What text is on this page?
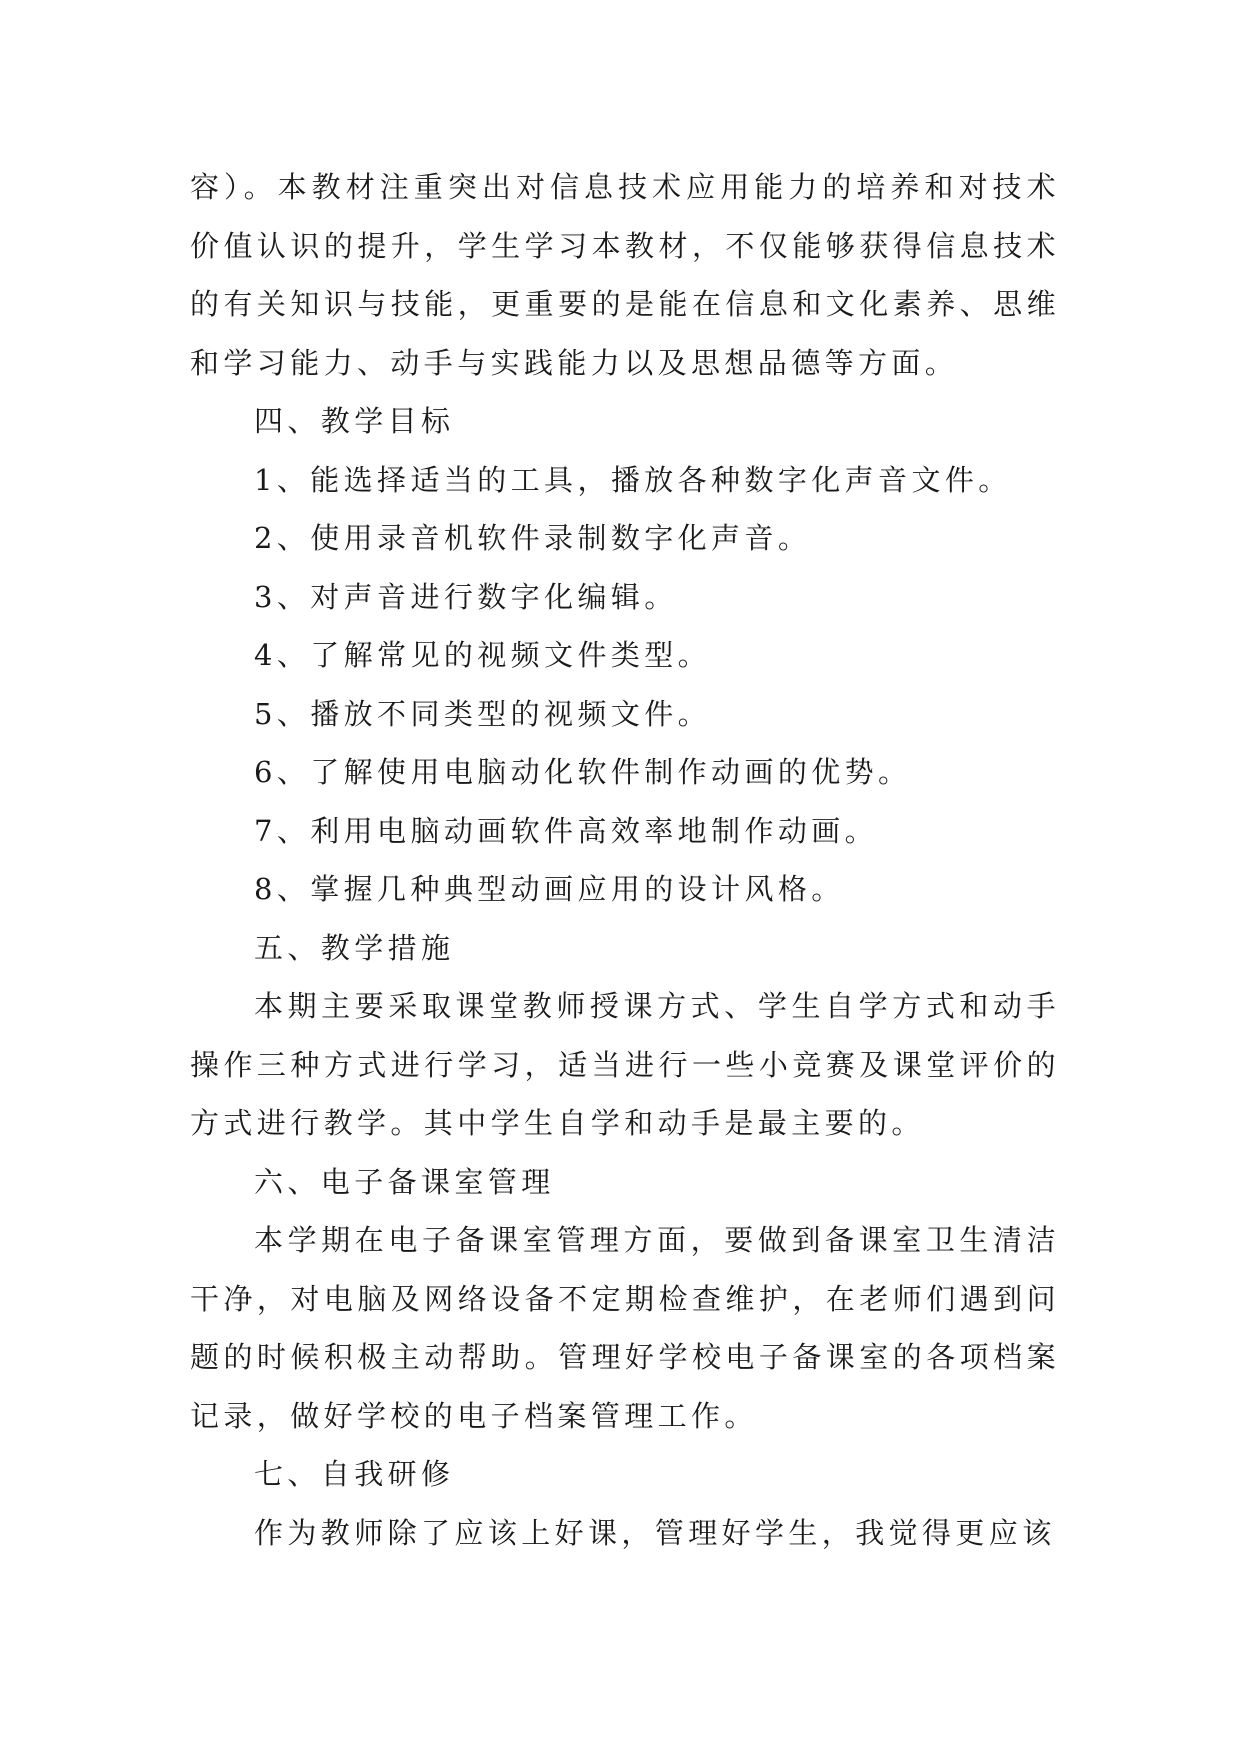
容）。本教材注重突出对信息技术应用能力的培养和对技术价值认识的提升，学生学习本教材，不仅能够获得信息技术的有关知识与技能，更重要的是能在信息和文化素养、思维和学习能力、动手与实践能力以及思想品德等方面。

四、教学目标

1、能选择适当的工具，播放各种数字化声音文件。

2、使用录音机软件录制数字化声音。

3、对声音进行数字化编辑。

4、了解常见的视频文件类型。

5、播放不同类型的视频文件。

6、了解使用电脑动化软件制作动画的优势。

7、利用电脑动画软件高效率地制作动画。

8、掌握几种典型动画应用的设计风格。

五、教学措施

本期主要采取课堂教师授课方式、学生自学方式和动手操作三种方式进行学习，适当进行一些小竞赛及课堂评价的方式进行教学。其中学生自学和动手是最主要的。

六、电子备课室管理

本学期在电子备课室管理方面，要做到备课室卫生清洁干净，对电脑及网络设备不定期检查维护，在老师们遇到问题的时候积极主动帮助。管理好学校电子备课室的各项档案记录，做好学校的电子档案管理工作。

七、自我研修

作为教师除了应该上好课，管理好学生，我觉得更应该
